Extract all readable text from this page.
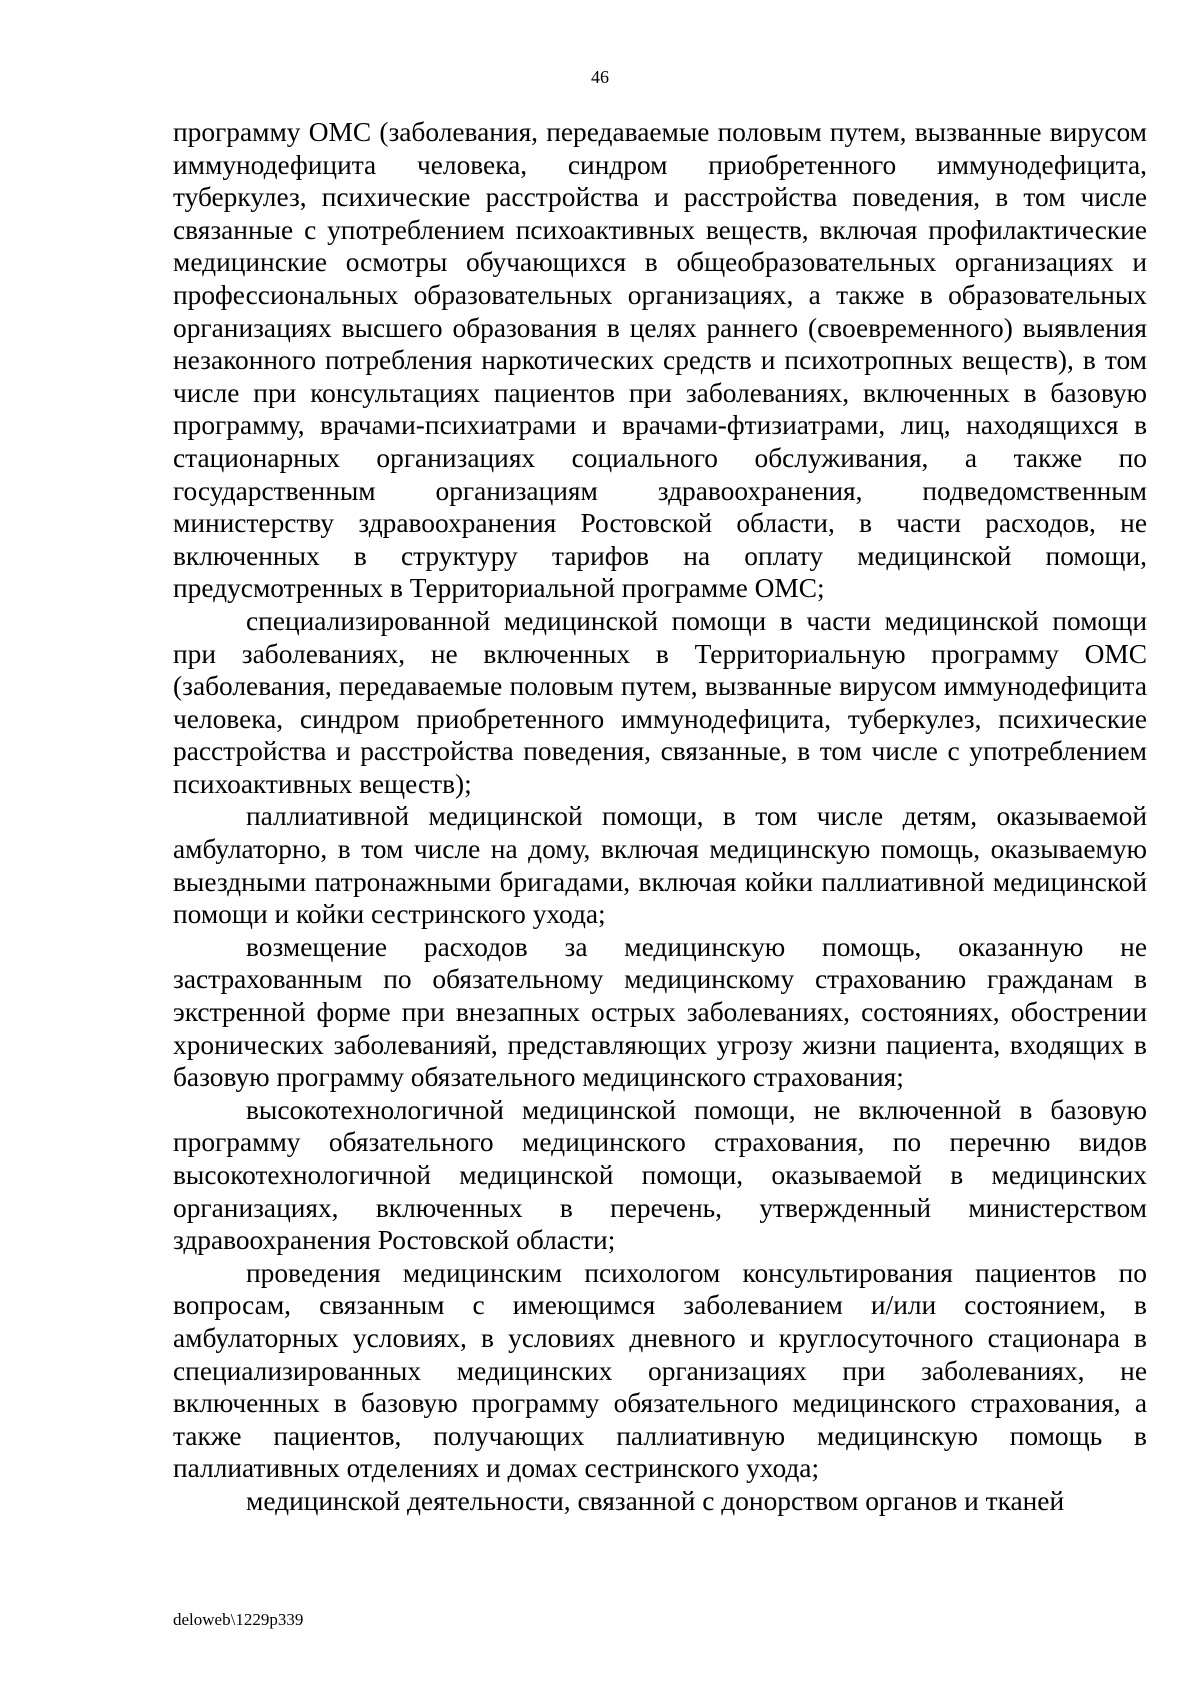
46

программу ОМС (заболевания, передаваемые половым путем, вызванные вирусом иммунодефицита человека, синдром приобретенного иммунодефицита, туберкулез, психические расстройства и расстройства поведения, в том числе связанные с употреблением психоактивных веществ, включая профилактические медицинские осмотры обучающихся в общеобразовательных организациях и профессиональных образовательных организациях, а также в образовательных организациях высшего образования в целях раннего (своевременного) выявления незаконного потребления наркотических средств и психотропных веществ), в том числе при консультациях пациентов при заболеваниях, включенных в базовую программу, врачами-психиатрами и врачами-фтизиатрами, лиц, находящихся в стационарных организациях социального обслуживания, а также по государственным организациям здравоохранения, подведомственным министерству здравоохранения Ростовской области, в части расходов, не включенных в структуру тарифов на оплату медицинской помощи, предусмотренных в Территориальной программе ОМС;

специализированной медицинской помощи в части медицинской помощи при заболеваниях, не включенных в Территориальную программу ОМС (заболевания, передаваемые половым путем, вызванные вирусом иммунодефицита человека, синдром приобретенного иммунодефицита, туберкулез, психические расстройства и расстройства поведения, связанные, в том числе с употреблением психоактивных веществ);

паллиативной медицинской помощи, в том числе детям, оказываемой амбулаторно, в том числе на дому, включая медицинскую помощь, оказываемую выездными патронажными бригадами, включая койки паллиативной медицинской помощи и койки сестринского ухода;

возмещение расходов за медицинскую помощь, оказанную не застрахованным по обязательному медицинскому страхованию гражданам в экстренной форме при внезапных острых заболеваниях, состояниях, обострении хронических заболеванияй, представляющих угрозу жизни пациента, входящих в базовую программу обязательного медицинского страхования;

высокотехнологичной медицинской помощи, не включенной в базовую программу обязательного медицинского страхования, по перечню видов высокотехнологичной медицинской помощи, оказываемой в медицинских организациях, включенных в перечень, утвержденный министерством здравоохранения Ростовской области;

проведения медицинским психологом консультирования пациентов по вопросам, связанным с имеющимся заболеванием и/или состоянием, в амбулаторных условиях, в условиях дневного и круглосуточного стационара в специализированных медицинских организациях при заболеваниях, не включенных в базовую программу обязательного медицинского страхования, а также пациентов, получающих паллиативную медицинскую помощь в паллиативных отделениях и домах сестринского ухода;

медицинской деятельности, связанной с донорством органов и тканей

deloweb\1229p339
